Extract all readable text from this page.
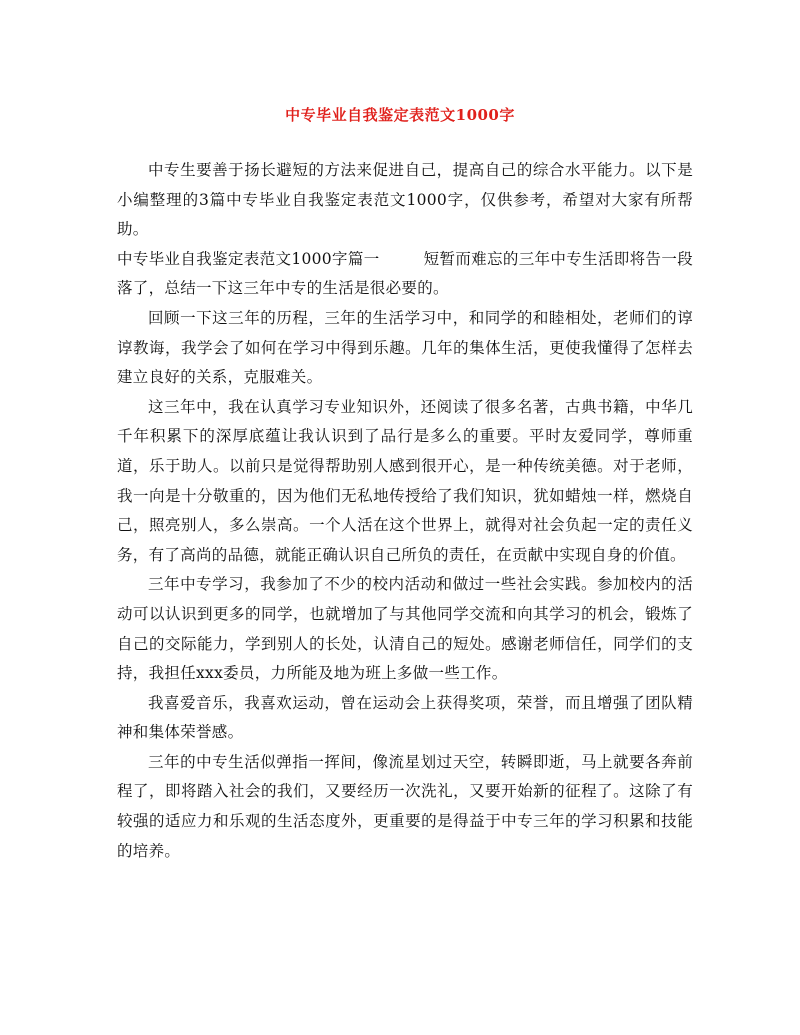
中专毕业自我鉴定表范文1000字

中专生要善于扬长避短的方法来促进自己，提高自己的综合水平能力。以下是小编整理的3篇中专毕业自我鉴定表范文1000字，仅供参考，希望对大家有所帮助。

中专毕业自我鉴定表范文1000字篇一	短暂而难忘的三年中专生活即将告一段落了，总结一下这三年中专的生活是很必要的。

回顾一下这三年的历程，三年的生活学习中，和同学的和睦相处，老师们的谆谆教诲，我学会了如何在学习中得到乐趣。几年的集体生活，更使我懂得了怎样去建立良好的关系，克服难关。

这三年中，我在认真学习专业知识外，还阅读了很多名著，古典书籍，中华几千年积累下的深厚底蕴让我认识到了品行是多么的重要。平时友爱同学，尊师重道，乐于助人。以前只是觉得帮助别人感到很开心，是一种传统美德。对于老师，我一向是十分敬重的，因为他们无私地传授给了我们知识，犹如蜡烛一样，燃烧自己，照亮别人，多么崇高。一个人活在这个世界上，就得对社会负起一定的责任义务，有了高尚的品德，就能正确认识自己所负的责任，在贡献中实现自身的价值。

三年中专学习，我参加了不少的校内活动和做过一些社会实践。参加校内的活动可以认识到更多的同学，也就增加了与其他同学交流和向其学习的机会，锻炼了自己的交际能力，学到别人的长处，认清自己的短处。感谢老师信任，同学们的支持，我担任xxx委员，力所能及地为班上多做一些工作。

我喜爱音乐，我喜欢运动，曾在运动会上获得奖项，荣誉，而且增强了团队精神和集体荣誉感。

三年的中专生活似弹指一挥间，像流星划过天空，转瞬即逝，马上就要各奔前程了，即将踏入社会的我们，又要经历一次洗礼，又要开始新的征程了。这除了有较强的适应力和乐观的生活态度外，更重要的是得益于中专三年的学习积累和技能的培养。
